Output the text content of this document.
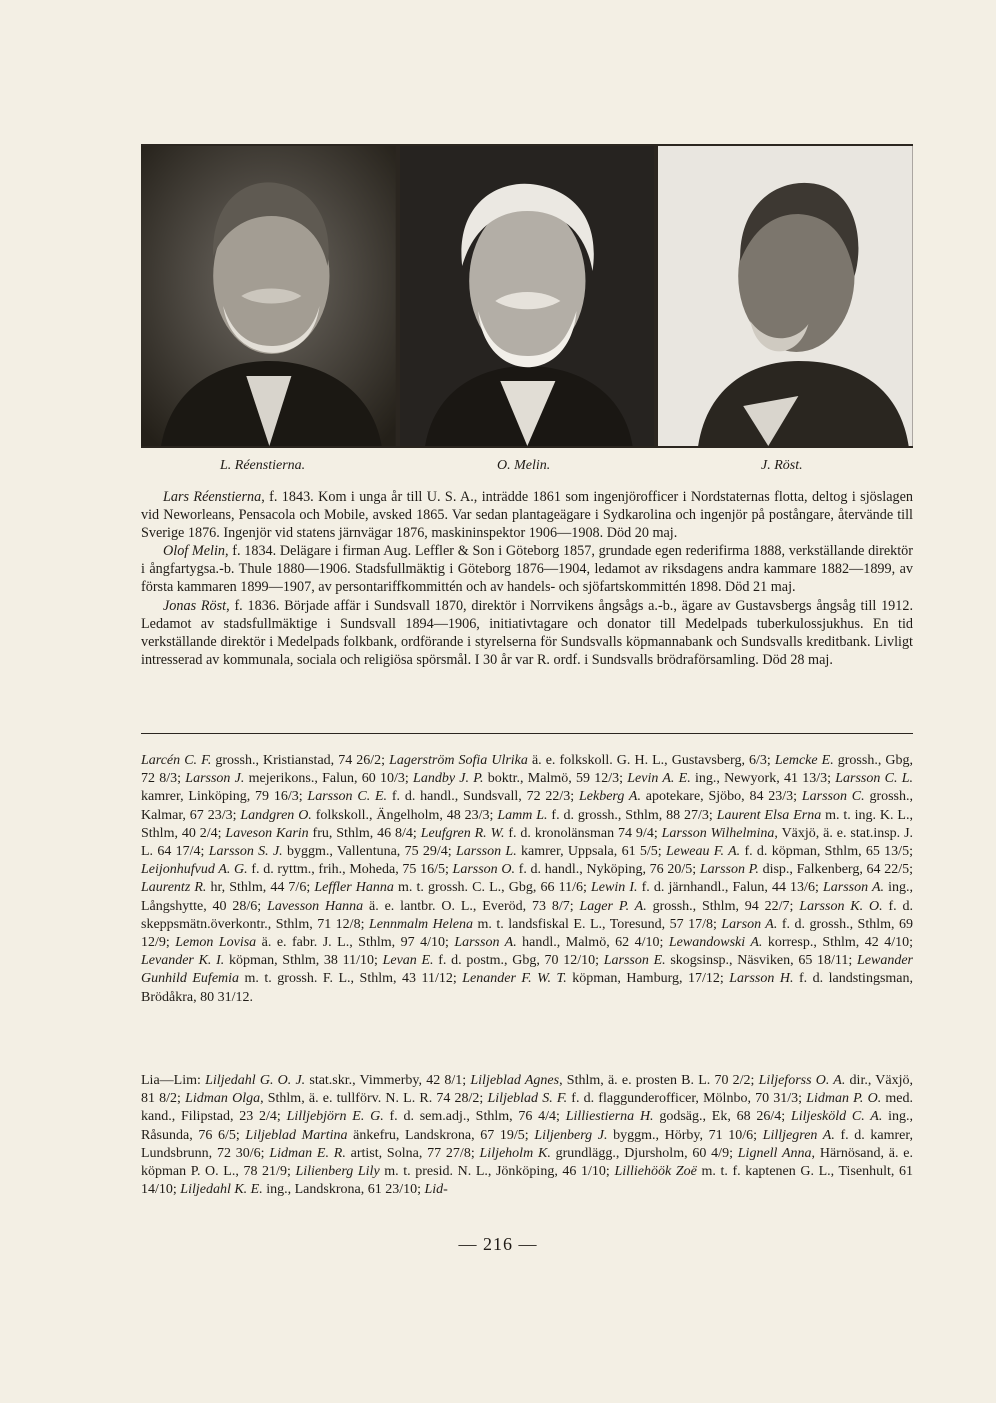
L. Réenstierna.	O. Melin.	J. Röst.

Lars Réenstierna, f. 1843. Kom i unga år till U. S. A., inträdde 1861 som ingenjörofficer i Nordstaternas flotta, deltog i sjöslagen vid Neworleans, Pensacola och Mobile, avsked 1865. Var sedan plantageägare i Sydkarolina och ingenjör på postångare, återvände till Sverige 1876. Ingenjör vid statens järnvägar 1876, maskininspektor 1906—1908. Död 20 maj.

Olof Melin, f. 1834. Delägare i firman Aug. Leffler & Son i Göteborg 1857, grundade egen rederifirma 1888, verkställande direktör i ångfartygsa.-b. Thule 1880—1906. Stadsfullmäktig i Göteborg 1876—1904, ledamot av riksdagens andra kammare 1882—1899, av första kammaren 1899—1907, av persontariffkommittén och av handels- och sjöfartskommittén 1898. Död 21 maj.

Jonas Röst, f. 1836. Började affär i Sundsvall 1870, direktör i Norrvikens ångsågs a.-b., ägare av Gustavsbergs ångsåg till 1912. Ledamot av stadsfullmäktige i Sundsvall 1894—1906, initiativtagare och donator till Medelpads tuberkulossjukhus. En tid verkställande direktör i Medelpads folkbank, ordförande i styrelserna för Sundsvalls köpmannabank och Sundsvalls kreditbank. Livligt intresserad av kommunala, sociala och religiösa spörsmål. I 30 år var R. ordf. i Sundsvalls brödraförsamling. Död 28 maj.

Larcén C. F. grossh., Kristianstad, 74 26/2; Lagerström Sofia Ulrika ä. e. folkskoll. G. H. L., Gustavsberg, 6/3; Lemcke E. grossh., Gbg, 72 8/3; Larsson J. mejerikons., Falun, 60 10/3; Landby J. P. boktr., Malmö, 59 12/3; Levin A. E. ing., Newyork, 41 13/3; Larsson C. L. kamrer, Linköping, 79 16/3; Larsson C. E. f. d. handl., Sundsvall, 72 22/3; Lekberg A. apotekare, Sjöbo, 84 23/3; Larsson C. grossh., Kalmar, 67 23/3; Landgren O. folkskoll., Ängelholm, 48 23/3; Lamm L. f. d. grossh., Sthlm, 88 27/3; Laurent Elsa Erna m. t. ing. K. L., Sthlm, 40 2/4; Laveson Karin fru, Sthlm, 46 8/4; Leufgren R. W. f. d. kronolänsman 74 9/4; Larsson Wilhelmina, Växjö, ä. e. stat.insp. J. L. 64 17/4; Larsson S. J. byggm., Vallentuna, 75 29/4; Larsson L. kamrer, Uppsala, 61 5/5; Leweau F. A. f. d. köpman, Sthlm, 65 13/5; Leijonhufvud A. G. f. d. ryttm., frih., Moheda, 75 16/5; Larsson O. f. d. handl., Nyköping, 76 20/5; Larsson P. disp., Falkenberg, 64 22/5; Laurentz R. hr, Sthlm, 44 7/6; Leffler Hanna m. t. grossh. C. L., Gbg, 66 11/6; Lewin I. f. d. järnhandl., Falun, 44 13/6; Larsson A. ing., Långshytte, 40 28/6; Lavesson Hanna ä. e. lantbr. O. L., Everöd, 73 8/7; Lager P. A. grossh., Sthlm, 94 22/7; Larsson K. O. f. d. skeppsmätn.överkontr., Sthlm, 71 12/8; Lennmalm Helena m. t. landsfiskal E. L., Toresund, 57 17/8; Larson A. f. d. grossh., Sthlm, 69 12/9; Lemon Lovisa ä. e. fabr. J. L., Sthlm, 97 4/10; Larsson A. handl., Malmö, 62 4/10; Lewandowski A. korresp., Sthlm, 42 4/10; Levander K. I. köpman, Sthlm, 38 11/10; Levan E. f. d. postm., Gbg, 70 12/10; Larsson E. skogsinsp., Näsviken, 65 18/11; Lewander Gunhild Eufemia m. t. grossh. F. L., Sthlm, 43 11/12; Lenander F. W. T. köpman, Hamburg, 17/12; Larsson H. f. d. landstingsman, Brödåkra, 80 31/12.
Lia—Lim: Liljedahl G. O. J. stat.skr., Vimmerby, 42 8/1; Liljeblad Agnes, Sthlm, ä. e. prosten B. L. 70 2/2; Liljeforss O. A. dir., Växjö, 81 8/2; Lidman Olga, Sthlm, ä. e. tullförv. N. L. R. 74 28/2; Liljeblad S. F. f. d. flaggunderofficer, Mölnbo, 70 31/3; Lidman P. O. med. kand., Filipstad, 23 2/4; Lilljebjörn E. G. f. d. sem.adj., Sthlm, 76 4/4; Lilliestierna H. godsäg., Ek, 68 26/4; Liljesköld C. A. ing., Råsunda, 76 6/5; Liljeblad Martina änkefru, Landskrona, 67 19/5; Liljenberg J. byggm., Hörby, 71 10/6; Lilljegren A. f. d. kamrer, Lundsbrunn, 72 30/6; Lidman E. R. artist, Solna, 77 27/8; Liljeholm K. grundlägg., Djursholm, 60 4/9; Lignell Anna, Härnösand, ä. e. köpman P. O. L., 78 21/9; Lilienberg Lily m. t. presid. N. L., Jönköping, 46 1/10; Lilliehöök Zoë m. t. f. kaptenen G. L., Tisenhult, 61 14/10; Liljedahl K. E. ing., Landskrona, 61 23/10; Lid-
— 216 —
